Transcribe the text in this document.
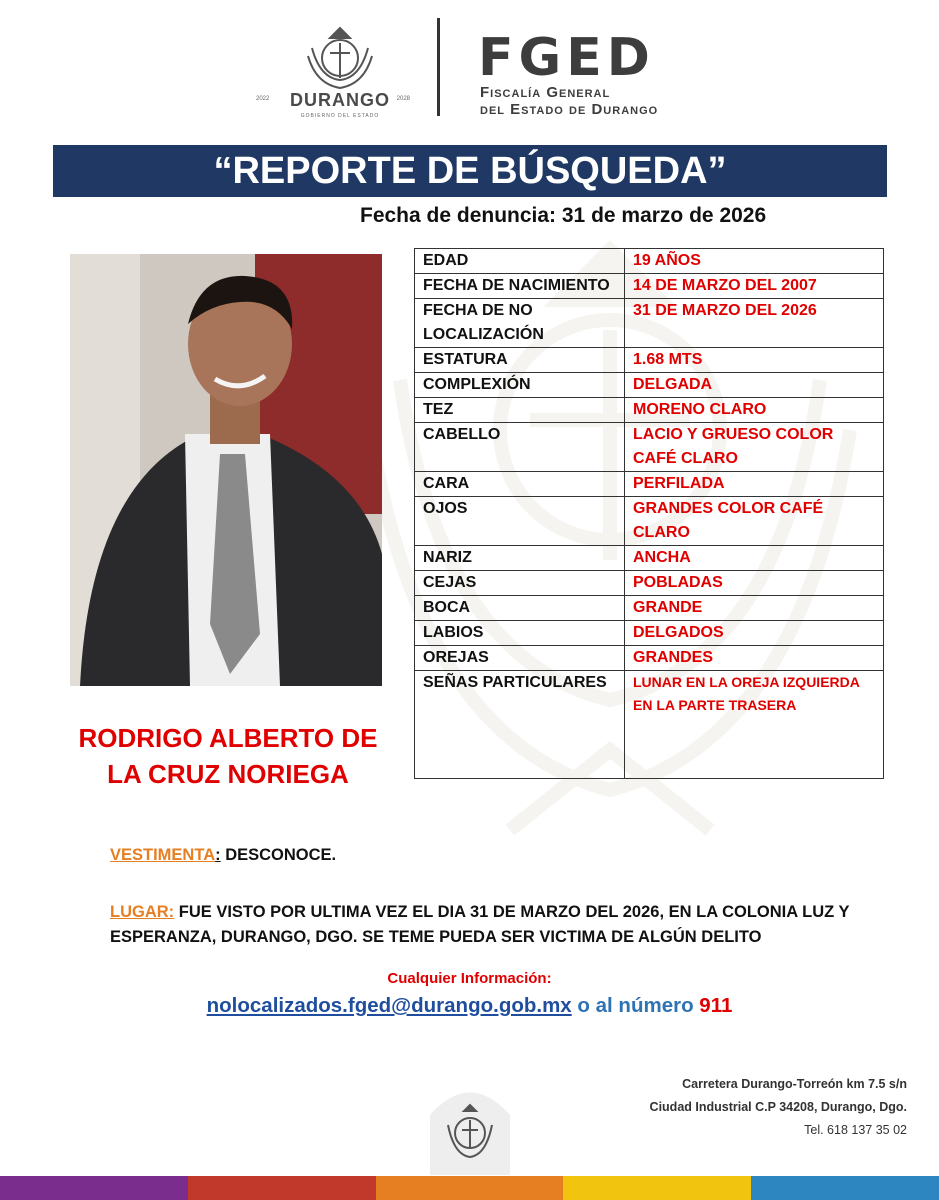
2022	DURANGO	2028
GOBIERNO DEL ESTADO
FGED
Fiscalía General
del Estado de Durango
“REPORTE DE BÚSQUEDA”
Fecha de denuncia: 31 de marzo de 2026
RODRIGO ALBERTO DE LA CRUZ NORIEGA
EDAD	19 AÑOS
FECHA DE NACIMIENTO	14 DE MARZO DEL 2007
FECHA DE NO LOCALIZACIÓN	31 DE MARZO DEL 2026
ESTATURA	1.68 MTS
COMPLEXIÓN	DELGADA
TEZ	MORENO CLARO
CABELLO	LACIO Y GRUESO COLOR CAFÉ CLARO
CARA	PERFILADA
OJOS	GRANDES COLOR CAFÉ CLARO
NARIZ	ANCHA
CEJAS	POBLADAS
BOCA	GRANDE
LABIOS	DELGADOS
OREJAS	GRANDES
SEÑAS PARTICULARES	LUNAR EN LA OREJA IZQUIERDA EN LA PARTE TRASERA
VESTIMENTA: DESCONOCE.
LUGAR: FUE VISTO POR ULTIMA VEZ EL DIA 31 DE MARZO DEL 2026, EN LA COLONIA LUZ Y ESPERANZA, DURANGO, DGO. SE TEME PUEDA SER VICTIMA DE ALGÚN DELITO
Cualquier Información:
nolocalizados.fged@durango.gob.mx o al número 911
Carretera Durango-Torreón km 7.5 s/n
Ciudad Industrial C.P 34208, Durango, Dgo.
Tel. 618 137 35 02
